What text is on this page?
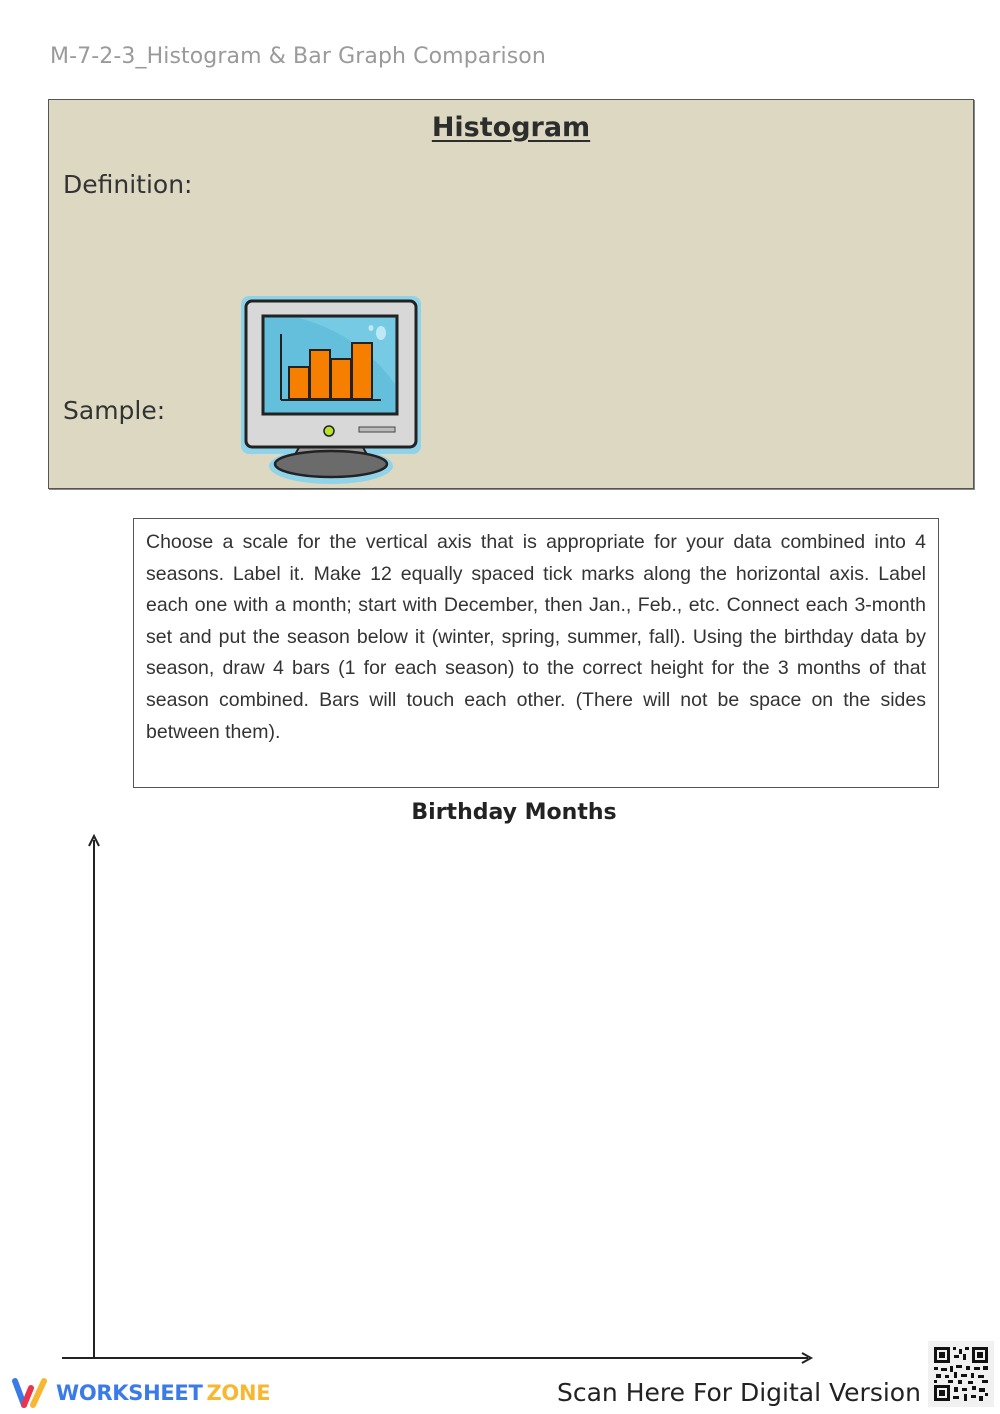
M-7-2-3_Histogram & Bar Graph Comparison
Histogram
Definition:
Sample:
Choose a scale for the vertical axis that is appropriate for your data combined into 4 seasons. Label it. Make 12 equally spaced tick marks along the horizontal axis. Label each one with a month; start with December, then Jan., Feb., etc. Connect each 3-month set and put the season below it (winter, spring, summer, fall). Using the birthday data by season, draw 4 bars (1 for each season) to the correct height for the 3 months of that season combined. Bars will touch each other. (There will not be space on the sides between them).
Birthday Months
WORKSHEET ZONE	Scan Here For Digital Version
